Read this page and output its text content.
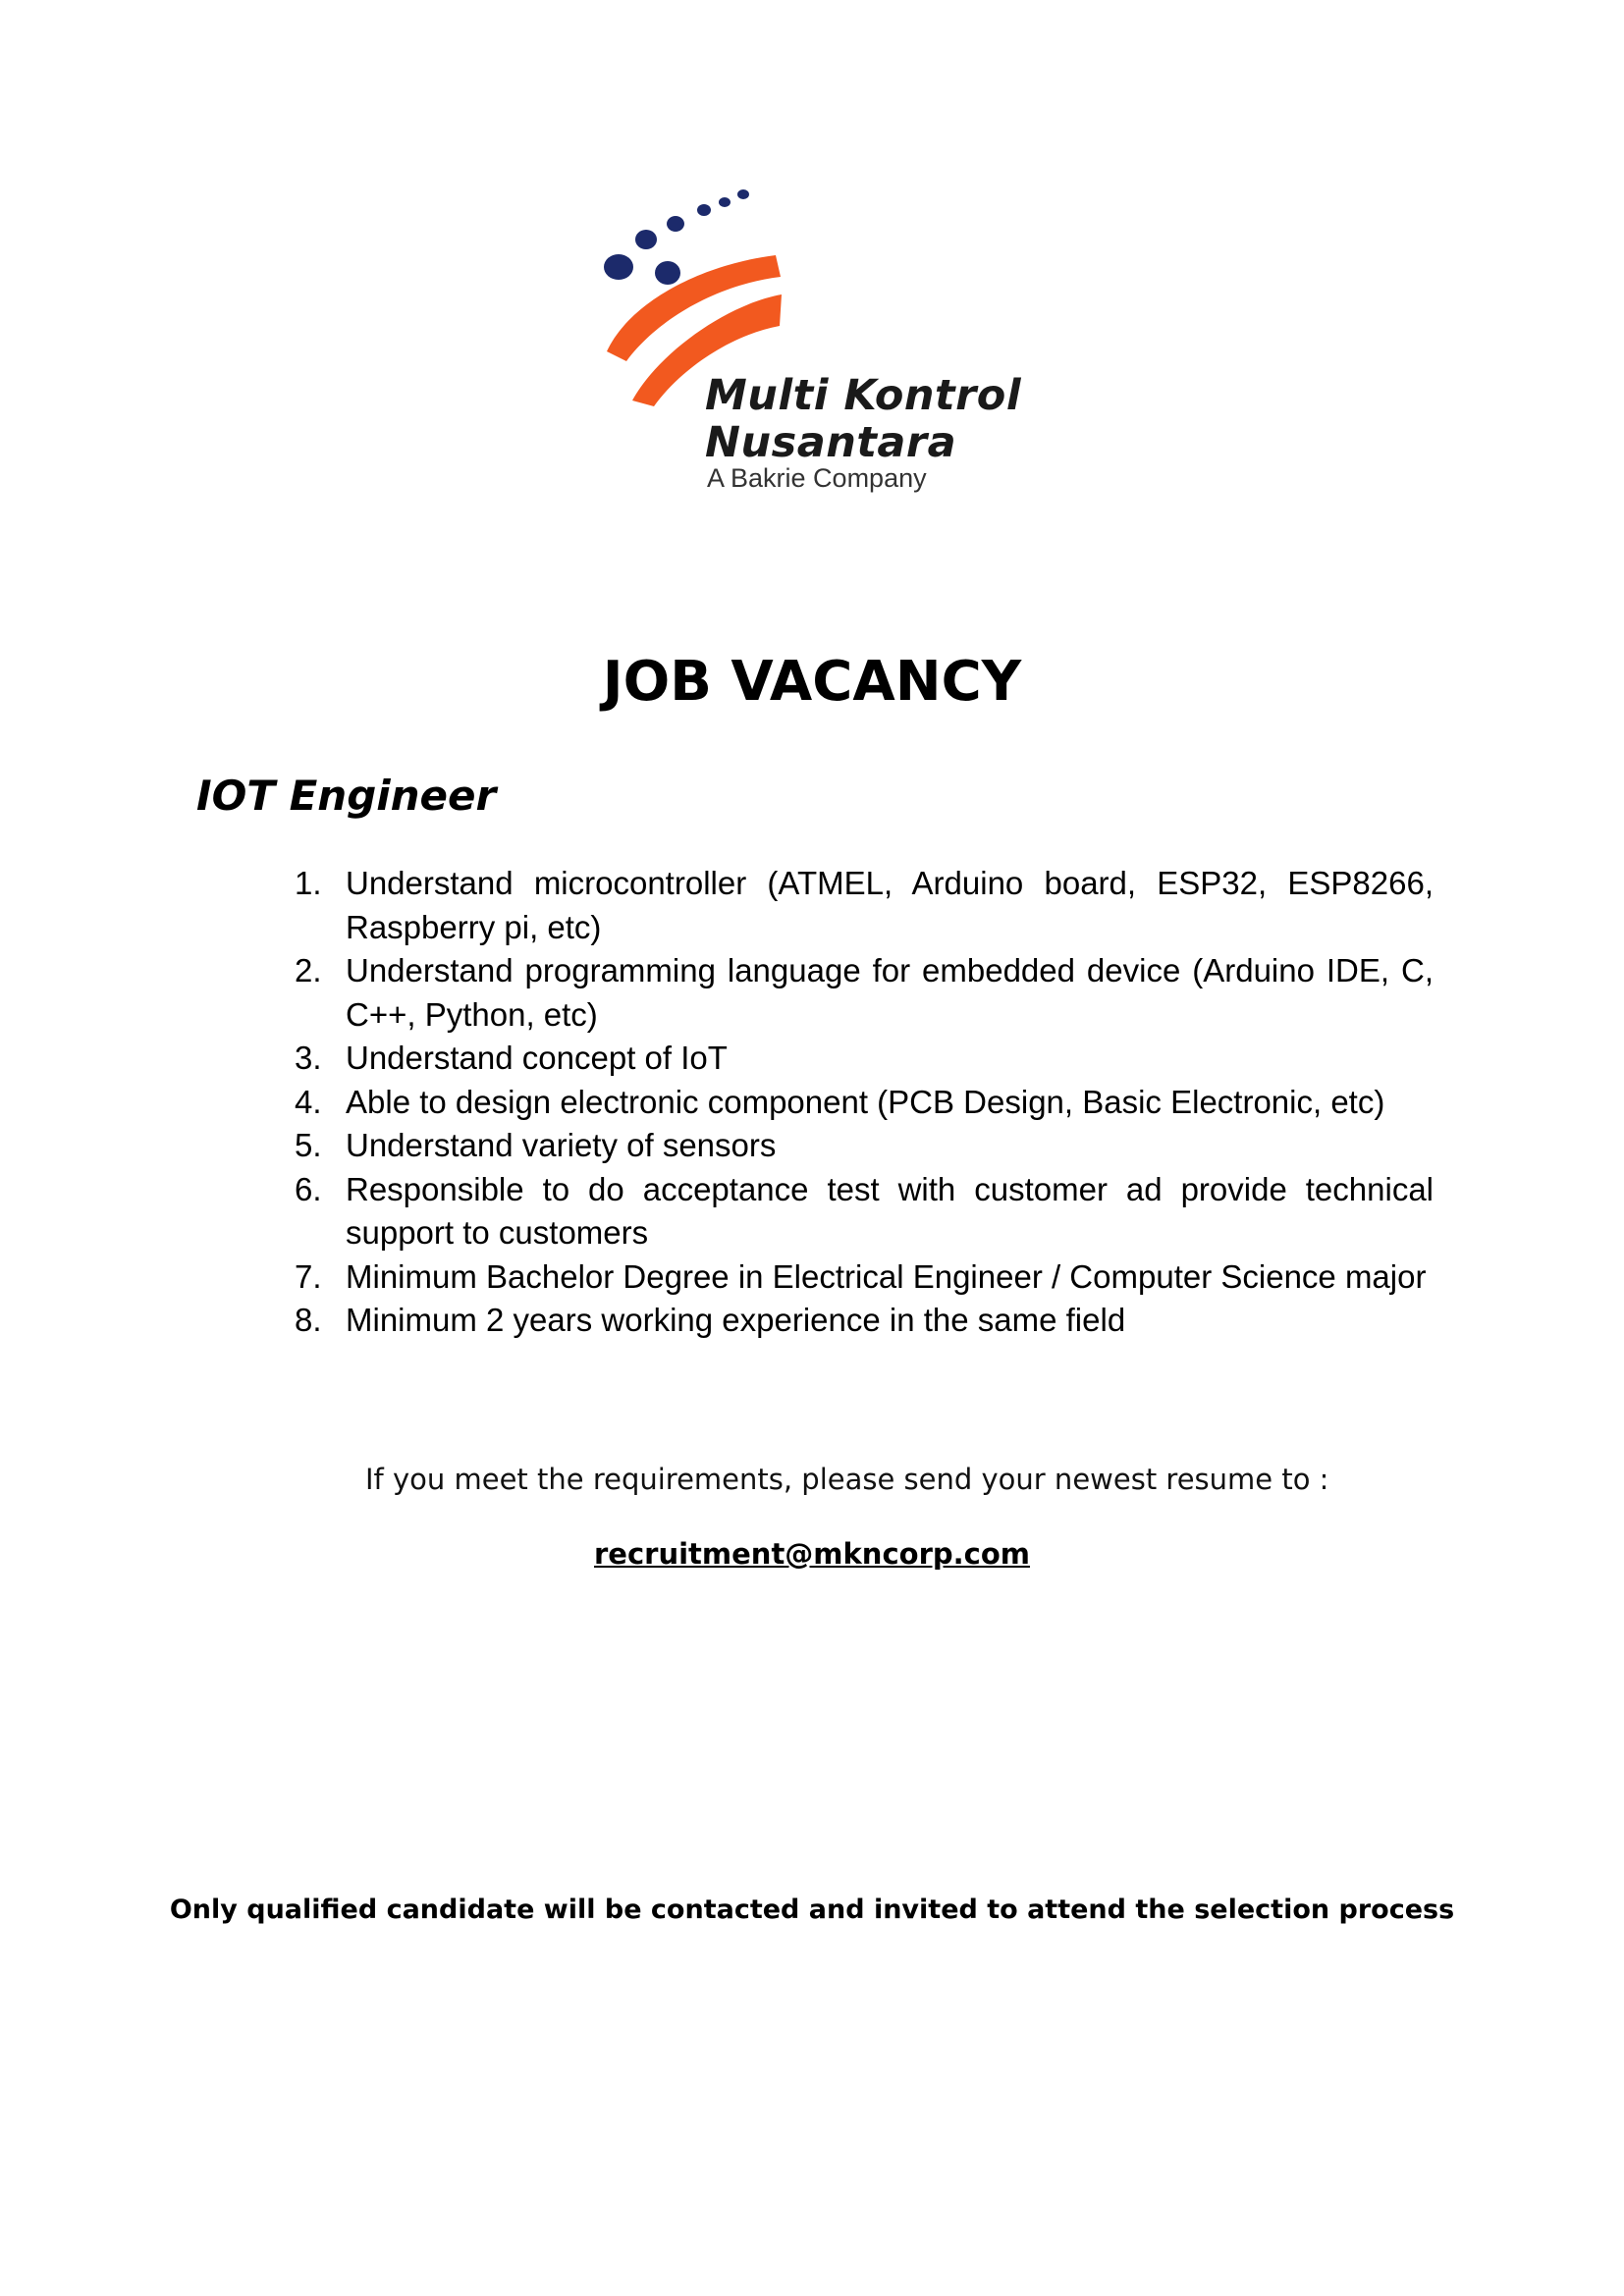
Multi Kontrol
Nusantara
A Bakrie Company
JOB VACANCY
IOT Engineer
1. Understand microcontroller (ATMEL, Arduino board, ESP32, ESP8266, Raspberry pi, etc)
2. Understand programming language for embedded device (Arduino IDE, C, C++, Python, etc)
3. Understand concept of IoT
4. Able to design electronic component (PCB Design, Basic Electronic, etc)
5. Understand variety of sensors
6. Responsible to do acceptance test with customer ad provide technical support to customers
7. Minimum Bachelor Degree in Electrical Engineer / Computer Science major
8. Minimum 2 years working experience in the same field
If you meet the requirements, please send your newest resume to :
recruitment@mkncorp.com
Only qualified candidate will be contacted and invited to attend the selection process
